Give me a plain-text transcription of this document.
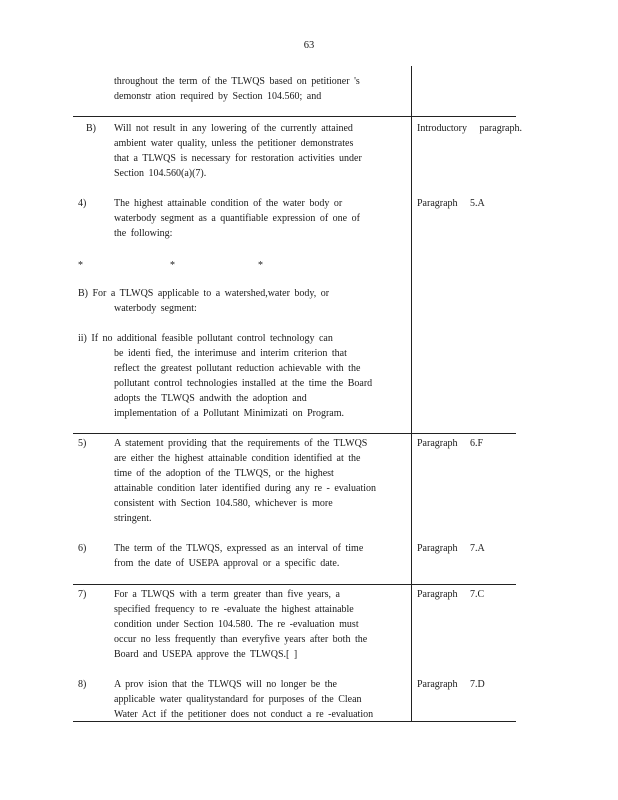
63
throughout the term of the TLWQS based on petitioner 's
demonstr ation required by Section 104.560; and
B) Will not result in any lowering of the currently attained
ambient water quality, unless the petitioner demonstrates
that a TLWQS is necessary for restoration activities under
Section 104.560(a)(7).
Introductory paragraph.
4)	The highest attainable condition of the water body or
waterbody segment as a quantifiable expression of one of
the following:
Paragraph 5.A
*	*	*
B) For a TLWQS applicable to a watershed,water body, or
waterbody segment:
ii) If no additional feasible pollutant control technology can
be identi fied, the interimuse and interim criterion that
reflect the greatest pollutant reduction achievable with the
pollutant control technologies installed at the time the Board
adopts the TLWQS andwith the adoption and
implementation of a Pollutant Minimizati on Program.
5)	A statement providing that the requirements of the TLWQS
are either the highest attainable condition identified at the
time of the adoption of the TLWQS, or the highest
attainable condition later identified during any re - evaluation
consistent with Section 104.580, whichever is more
stringent.
Paragraph 6.F
6)	The term of the TLWQS, expressed as an interval of time
from the date of USEPA approval or a specific date.
Paragraph 7.A
7)	For a TLWQS with a term greater than five years, a
specified frequency to re -evaluate the highest attainable
condition under Section 104.580. The re -evaluation must
occur no less frequently than everyfive years after both the
Board and USEPA approve the TLWQS.[ ]
Paragraph 7.C
8)	A prov ision that the TLWQS will no longer be the
applicable water qualitystandard for purposes of the Clean
Water Act if the petitioner does not conduct a re -evaluation
Paragraph 7.D
